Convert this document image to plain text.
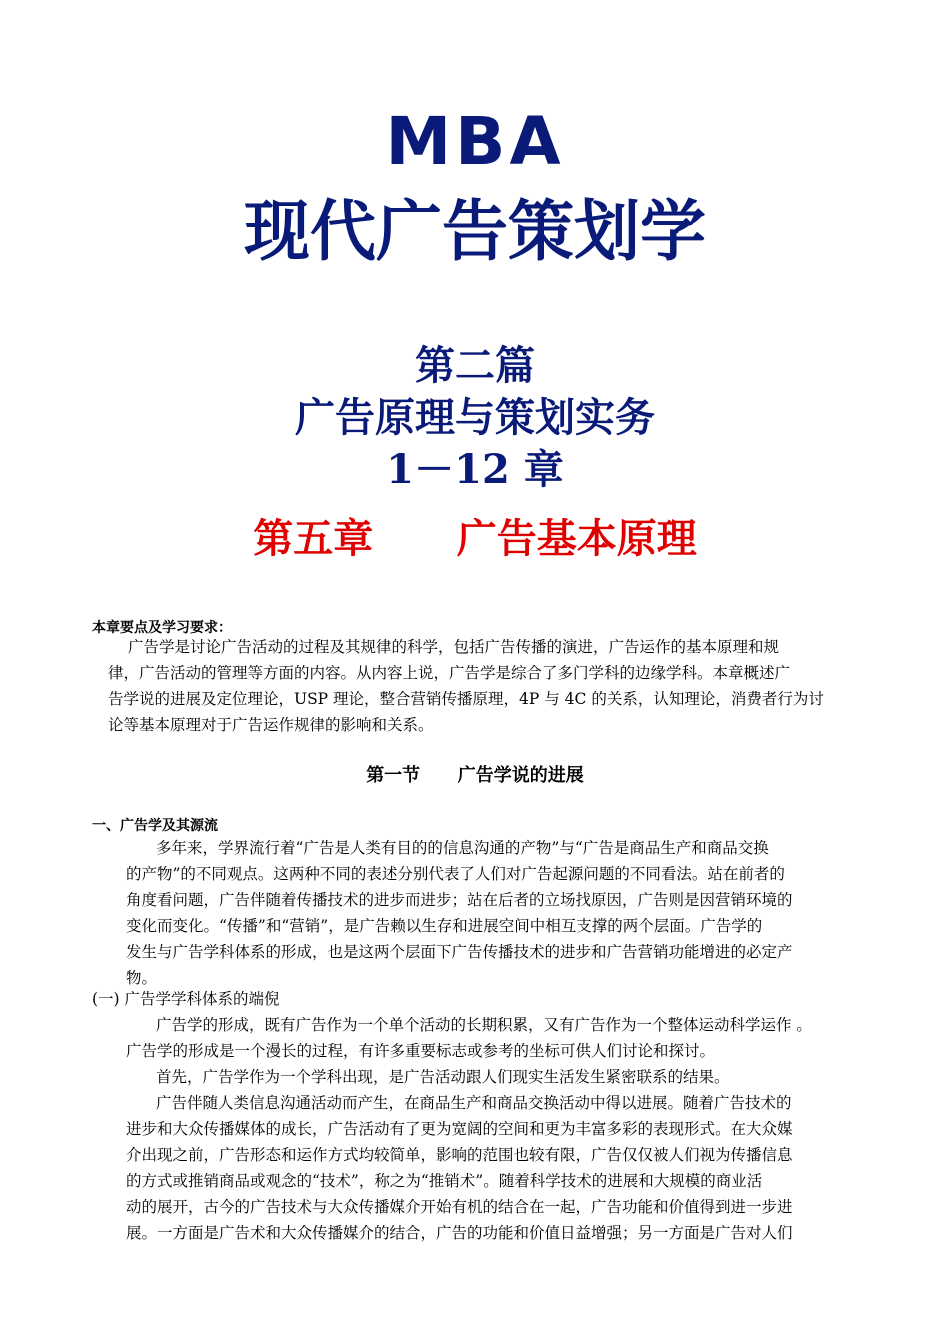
MBA
现代广告策划学
第二篇
广告原理与策划实务
1－12 章
第五章      广告基本原理
本章要点及学习要求：
广告学是讨论广告活动的过程及其规律的科学，包括广告传播的演进，广告运作的基本原理和规
律，广告活动的管理等方面的内容。从内容上说，广告学是综合了多门学科的边缘学科。本章概述广
告学说的进展及定位理论，USP 理论，整合营销传播原理，4P 与 4C 的关系，认知理论，消费者行为讨
论等基本原理对于广告运作规律的影响和关系。
第一节      广告学说的进展
一、广告学及其源流
多年来，学界流行着“广告是人类有目的的信息沟通的产物”与“广告是商品生产和商品交换
的产物”的不同观点。这两种不同的表述分别代表了人们对广告起源问题的不同看法。站在前者的
角度看问题，广告伴随着传播技术的进步而进步；站在后者的立场找原因，广告则是因营销环境的
变化而变化。“传播”和“营销”，是广告赖以生存和进展空间中相互支撑的两个层面。广告学的
发生与广告学科体系的形成，也是这两个层面下广告传播技术的进步和广告营销功能增进的必定产
物。
(一) 广告学学科体系的端倪
广告学的形成，既有广告作为一个单个活动的长期积累，又有广告作为一个整体运动科学运作 。
广告学的形成是一个漫长的过程，有许多重要标志或参考的坐标可供人们讨论和探讨。
首先，广告学作为一个学科出现，是广告活动跟人们现实生活发生紧密联系的结果。
广告伴随人类信息沟通活动而产生，在商品生产和商品交换活动中得以进展。随着广告技术的
进步和大众传播媒体的成长，广告活动有了更为宽阔的空间和更为丰富多彩的表现形式。在大众媒
介出现之前，广告形态和运作方式均较简单，影响的范围也较有限，广告仅仅被人们视为传播信息
的方式或推销商品或观念的“技术”，称之为“推销术”。随着科学技术的进展和大规模的商业活
动的展开，古今的广告技术与大众传播媒介开始有机的结合在一起，广告功能和价值得到进一步进
展。一方面是广告术和大众传播媒介的结合，广告的功能和价值日益增强；另一方面是广告对人们
